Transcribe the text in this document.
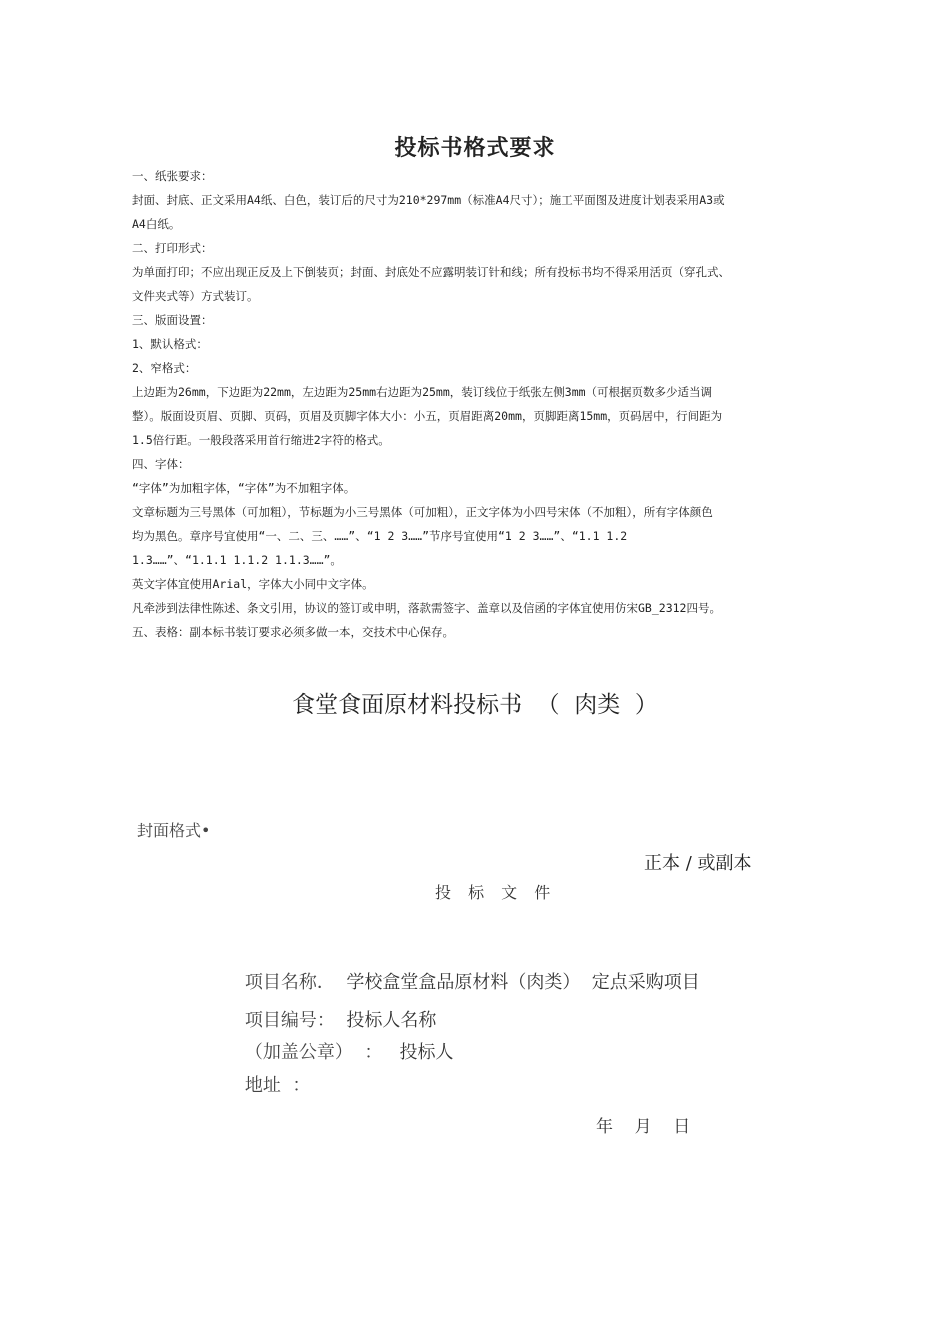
投标书格式要求
一、纸张要求：
封面、封底、正文采用A4纸、白色，装订后的尺寸为210*297mm（标准A4尺寸）；施工平面图及进度计划表采用A3或
A4白纸。
二、打印形式：
为单面打印；不应出现正反及上下倒装页；封面、封底处不应露明装订针和线；所有投标书均不得采用活页（穿孔式、
文件夹式等）方式装订。
三、版面设置：
1、默认格式：
2、窄格式：
上边距为26mm，下边距为22mm，左边距为25mm右边距为25mm，装订线位于纸张左侧3mm（可根据页数多少适当调
整）。版面设页眉、页脚、页码，页眉及页脚字体大小：小五，页眉距离20mm，页脚距离15mm，页码居中，行间距为
1.5倍行距。一般段落采用首行缩进2字符的格式。
四、字体：
“字体”为加粗字体，“字体”为不加粗字体。
文章标题为三号黑体（可加粗），节标题为小三号黑体（可加粗），正文字体为小四号宋体（不加粗），所有字体颜色
均为黑色。章序号宜使用“一、二、三、……”、“1 2 3……”节序号宜使用“1 2 3……”、“1.1 1.2
1.3……”、“1.1.1 1.1.2 1.1.3……”。
英文字体宜使用Arial，字体大小同中文字体。
凡牵涉到法律性陈述、条文引用，协议的签订或申明，落款需签字、盖章以及信函的字体宜使用仿宋GB_2312四号。
五、表格：副本标书装订要求必须多做一本，交技术中心保存。
食堂食面原材料投标书  （  肉类  ）
封面格式•
正本 / 或副本
投 标 文 件

项目名称．  学校盒堂盒品原材料（肉类）  定点采购项目

项目编号：  投标人名称

（加盖公章）  ：   投标人

地址  ：

年    月    日
